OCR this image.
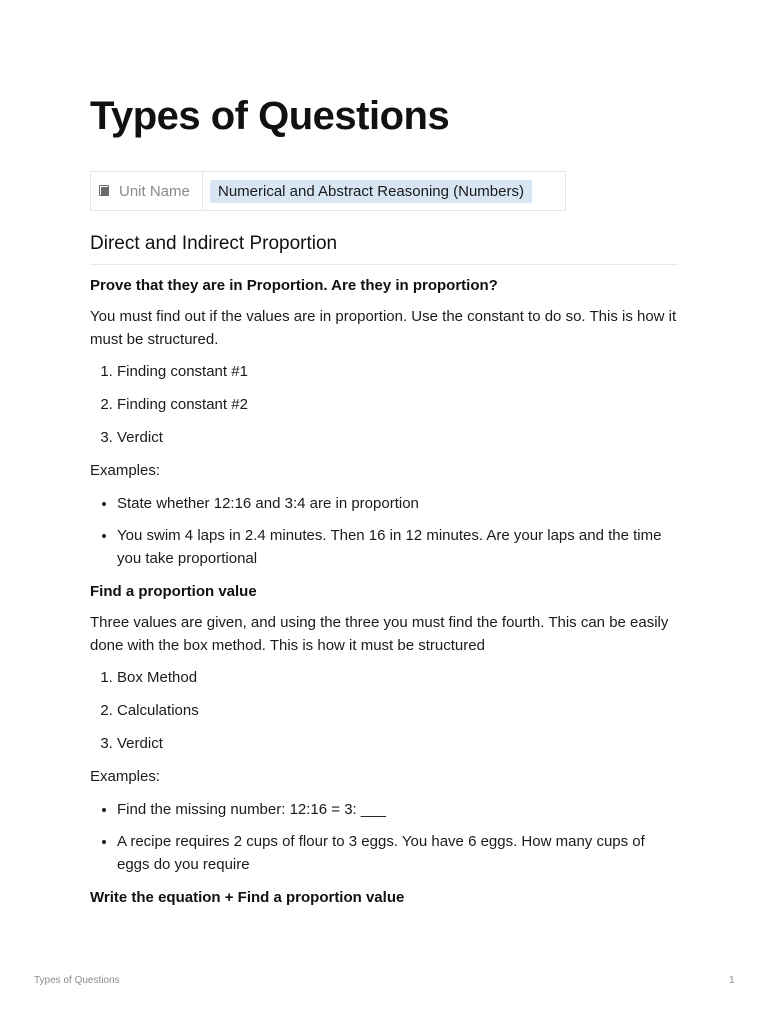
Types of Questions
Unit Name	Numerical and Abstract Reasoning (Numbers)
Direct and Indirect Proportion
Prove that they are in Proportion. Are they in proportion?

You must find out if the values are in proportion. Use the constant to do so. This is how it must be structured.

1. Finding constant #1
2. Finding constant #2
3. Verdict

Examples:

• State whether 12:16 and 3:4 are in proportion
• You swim 4 laps in 2.4 minutes. Then 16 in 12 minutes. Are your laps and the time you take proportional
Find a proportion value

Three values are given, and using the three you must find the fourth. This can be easily done with the box method. This is how it must be structured

1. Box Method
2. Calculations
3. Verdict

Examples:

• Find the missing number: 12:16 = 3: ___
• A recipe requires 2 cups of flour to 3 eggs. You have 6 eggs. How many cups of eggs do you require
Write the equation + Find a proportion value
Types of Questions	1
